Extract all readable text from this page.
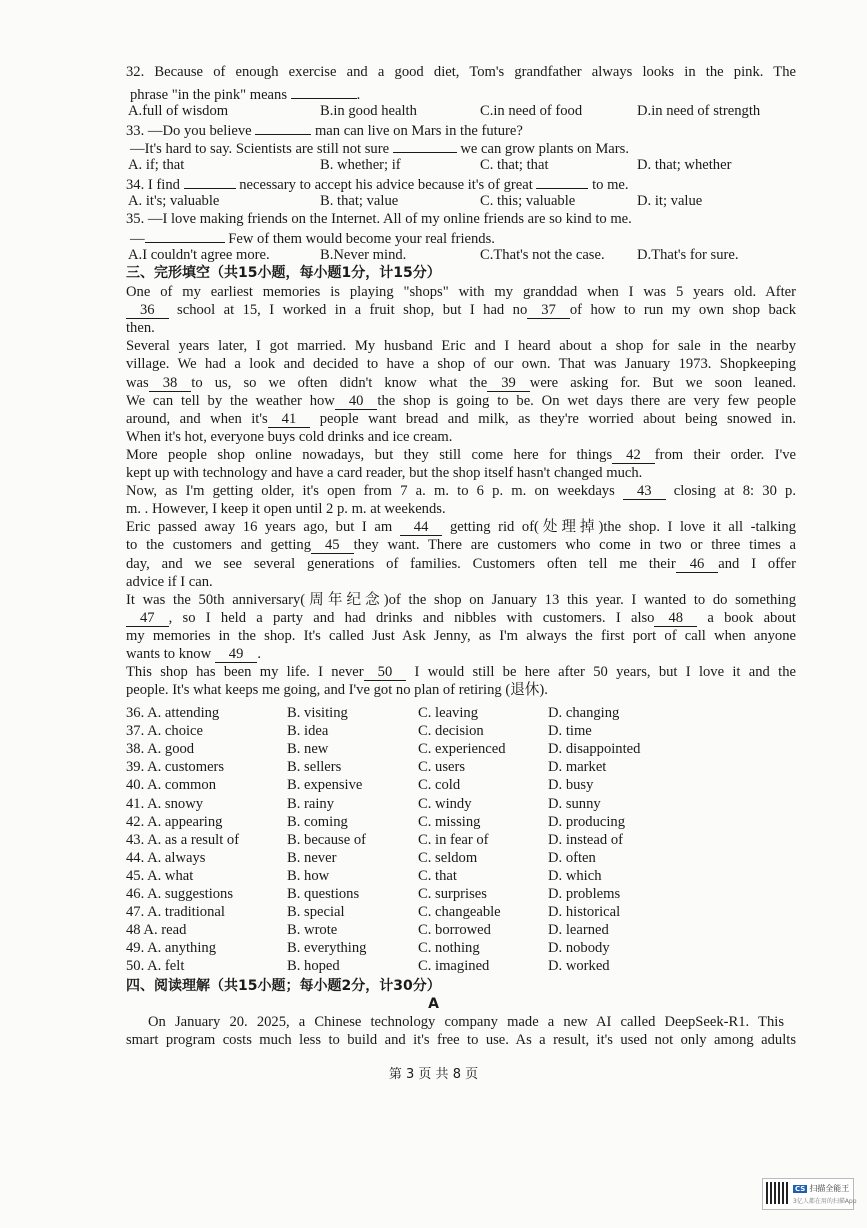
32. Because of enough exercise and a good diet, Tom's grandfather always looks in the pink. The
phrase "in the pink" means	.
A.full of wisdom	B.in good health	C.in need of food	D.in need of strength
33. —Do you believe	man can live on Mars in the future?
—It's hard to say. Scientists are still not sure	we can grow plants on Mars.
A. if; that	B. whether; if	C. that; that	D. that; whether
34. I find	necessary to accept his advice because it's of great	to me.
A. it's; valuable	B. that; value	C. this; valuable	D. it; value
35. —I love making friends on the Internet. All of my online friends are so kind to me.
—	Few of them would become your real friends.
A.I couldn't agree more.	B.Never mind.	C.That's not the case. D.That's for sure.
三、完形填空（共15小题，每小题1分，计15分）
One of my earliest memories is playing "shops" with my granddad when I was 5 years old. After
36 school at 15, I worked in a fruit shop, but I had no 37 of how to run my own shop back
then.
Several years later, I got married. My husband Eric and I heard about a shop for sale in the nearby
village. We had a look and decided to have a shop of our own. That was January 1973. Shopkeeping
was 38 to us, so we often didn't know what the 39 were asking for. But we soon leaned.
We can tell by the weather how 40 the shop is going to be. On wet days there are very few people
around, and when it's 41 people want bread and milk, as they're worried about being snowed in.
When it's hot, everyone buys cold drinks and ice cream.
More people shop online nowadays, but they still come here for things 42 from their order. I've
kept up with technology and have a card reader, but the shop itself hasn't changed much.
Now, as I'm getting older, it's open from 7 a. m. to 6 p. m. on weekdays 43 closing at 8: 30 p.
m. . However, I keep it open until 2 p. m. at weekends.
Eric passed away 16 years ago, but I am 44 getting rid of(处理掉)the shop. I love it all -talking
to the customers and getting 45 they want. There are customers who come in two or three times a
day, and we see several generations of families. Customers often tell me their 46 and I offer
advice if I can.
It was the 50th anniversary(周年纪念)of the shop on January 13 this year. I wanted to do something
47 , so I held a party and had drinks and nibbles with customers. I also 48 a book about
my memories in the shop. It's called Just Ask Jenny, as I'm always the first port of call when anyone
wants to know 49 .
This shop has been my life. I never 50 I would still be here after 50 years, but I love it and the
people. It's what keeps me going, and I've got no plan of retiring (退休).
36. A. attending	B. visiting	C. leaving	D. changing
37. A. choice	B. idea	C. decision	D. time
38. A. good	B. new	C. experienced	D. disappointed
39. A. customers	B. sellers	C. users	D. market
40. A. common	B. expensive	C. cold	D. busy
41. A. snowy	B. rainy	C. windy	D. sunny
42. A. appearing	B. coming	C. missing	D. producing
43. A. as a result of	B. because of	C. in fear of	D. instead of
44. A. always	B. never	C. seldom	D. often
45. A. what	B. how	C. that	D. which
46. A. suggestions	B. questions	C. surprises	D. problems
47. A. traditional	B. special	C. changeable	D. historical
48 A. read	B. wrote	C. borrowed	D. learned
49. A. anything	B. everything	C. nothing	D. nobody
50. A. felt	B. hoped	C. imagined	D. worked
四、阅读理解（共15小题；每小题2分，计30分）
A
On January 20. 2025, a Chinese technology company made a new AI called DeepSeek-R1. This
smart program costs much less to build and it's free to use. As a result, it's used not only among adults
第 3 页 共 8 页
CS 扫描全能王
3亿人都在用的扫描App
